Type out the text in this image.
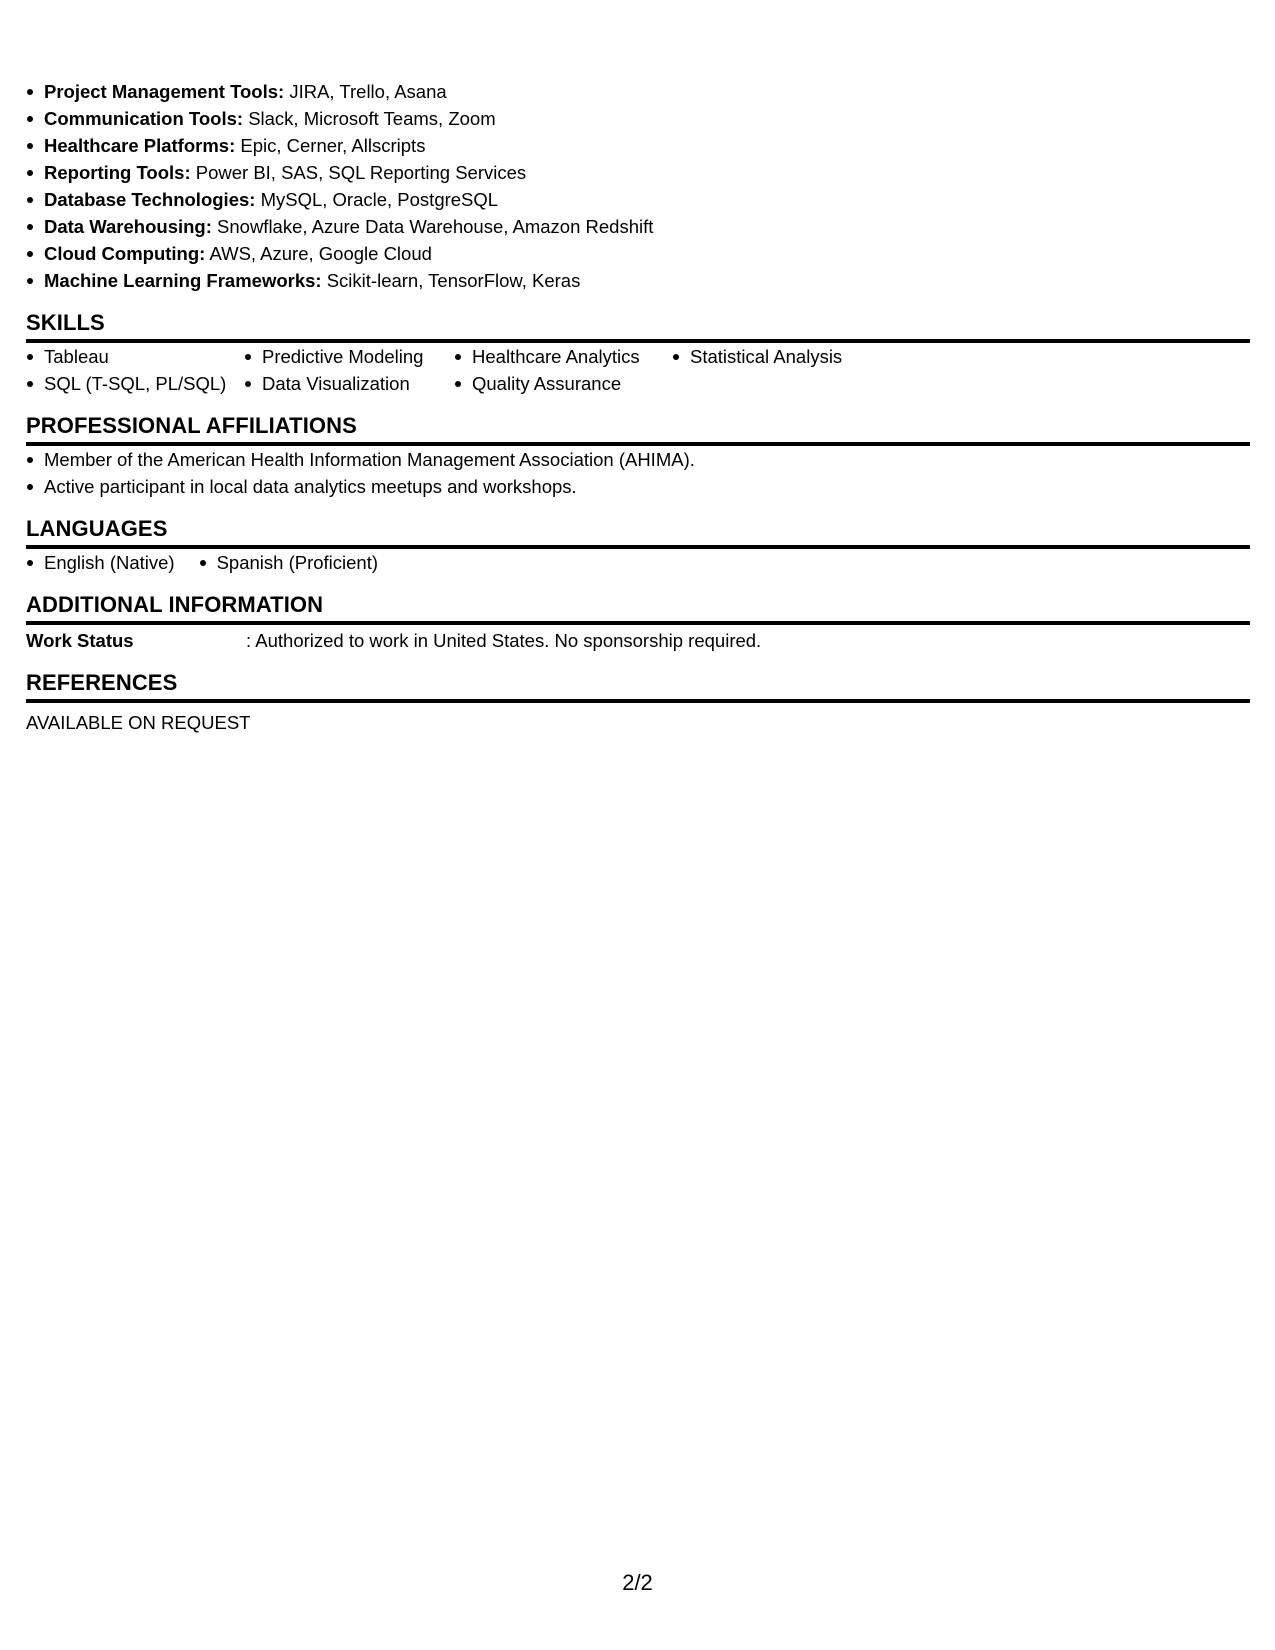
Project Management Tools: JIRA, Trello, Asana
Communication Tools: Slack, Microsoft Teams, Zoom
Healthcare Platforms: Epic, Cerner, Allscripts
Reporting Tools: Power BI, SAS, SQL Reporting Services
Database Technologies: MySQL, Oracle, PostgreSQL
Data Warehousing: Snowflake, Azure Data Warehouse, Amazon Redshift
Cloud Computing: AWS, Azure, Google Cloud
Machine Learning Frameworks: Scikit-learn, TensorFlow, Keras
SKILLS
Tableau
SQL (T-SQL, PL/SQL)
Predictive Modeling
Data Visualization
Healthcare Analytics
Quality Assurance
Statistical Analysis
PROFESSIONAL AFFILIATIONS
Member of the American Health Information Management Association (AHIMA).
Active participant in local data analytics meetups and workshops.
LANGUAGES
English (Native)	Spanish (Proficient)
ADDITIONAL INFORMATION
Work Status	: Authorized to work in United States. No sponsorship required.
REFERENCES
AVAILABLE ON REQUEST
2/2
